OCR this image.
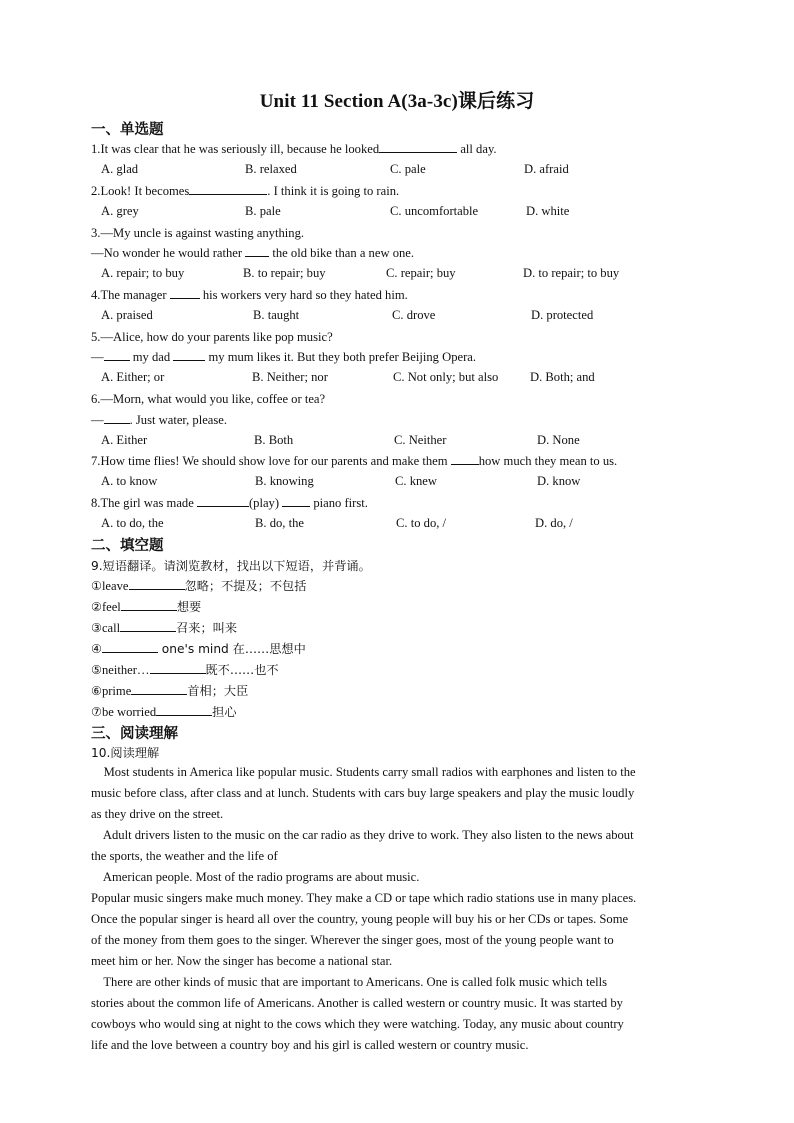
Unit 11 Section A(3a-3c)课后练习
一、单选题
1.It was clear that he was seriously ill, because he looked	all day.
A. glad	B. relaxed	C. pale	D. afraid
2.Look! It becomes	. I think it is going to rain.
A. grey	B. pale	C. uncomfortable	D. white
3.—My uncle is against wasting anything.
—No wonder he would rather  the old bike than a new one.
A. repair; to buy	B. to repair; buy	C. repair; buy	D. to repair; to buy
4.The manager  his workers very hard so they hated him.
A. praised	B. taught	C. drove	D. protected
5.—Alice, how do your parents like pop music?
— my dad	my mum likes it. But they both prefer Beijing Opera.
A. Either; or	B. Neither; nor	C. Not only; but also	D. Both; and
6.—Morn, what would you like, coffee or tea?
— . Just water, please.
A. Either	B. Both	C. Neither	D. None
7.How time flies! We should show love for our parents and make them how much they mean to us.
A. to know	B. knowing	C. knew	D. know
8.The girl was made	(play)  piano first.
A. to do, the	B. do, the	C. to do, /	D. do, /
二、填空题
9.短语翻译。请浏览教材，找出以下短语，并背诵。
①leave	忽略；不提及；不包括
②feel	想要
③call	召来；叫来
④	one's mind 在……思想中
⑤neither…	既不……也不
⑥prime	首相；大臣
⑦be worried	担心
三、阅读理解
10.阅读理解
Most students in America like popular music. Students carry small radios with earphones and listen to the
music before class, after class and at lunch. Students with cars buy large speakers and play the music loudly
as they drive on the street.
Adult drivers listen to the music on the car radio as they drive to work. They also listen to the news about
the sports, the weather and the life of
American people. Most of the radio programs are about music.
Popular music singers make much money. They make a CD or tape which radio stations use in many places.
Once the popular singer is heard all over the country, young people will buy his or her CDs or tapes. Some
of the money from them goes to the singer. Wherever the singer goes, most of the young people want to
meet him or her. Now the singer has become a national star.
There are other kinds of music that are important to Americans. One is called folk music which tells
stories about the common life of Americans. Another is called western or country music. It was started by
cowboys who would sing at night to the cows which they were watching. Today, any music about country
life and the love between a country boy and his girl is called western or country music.
